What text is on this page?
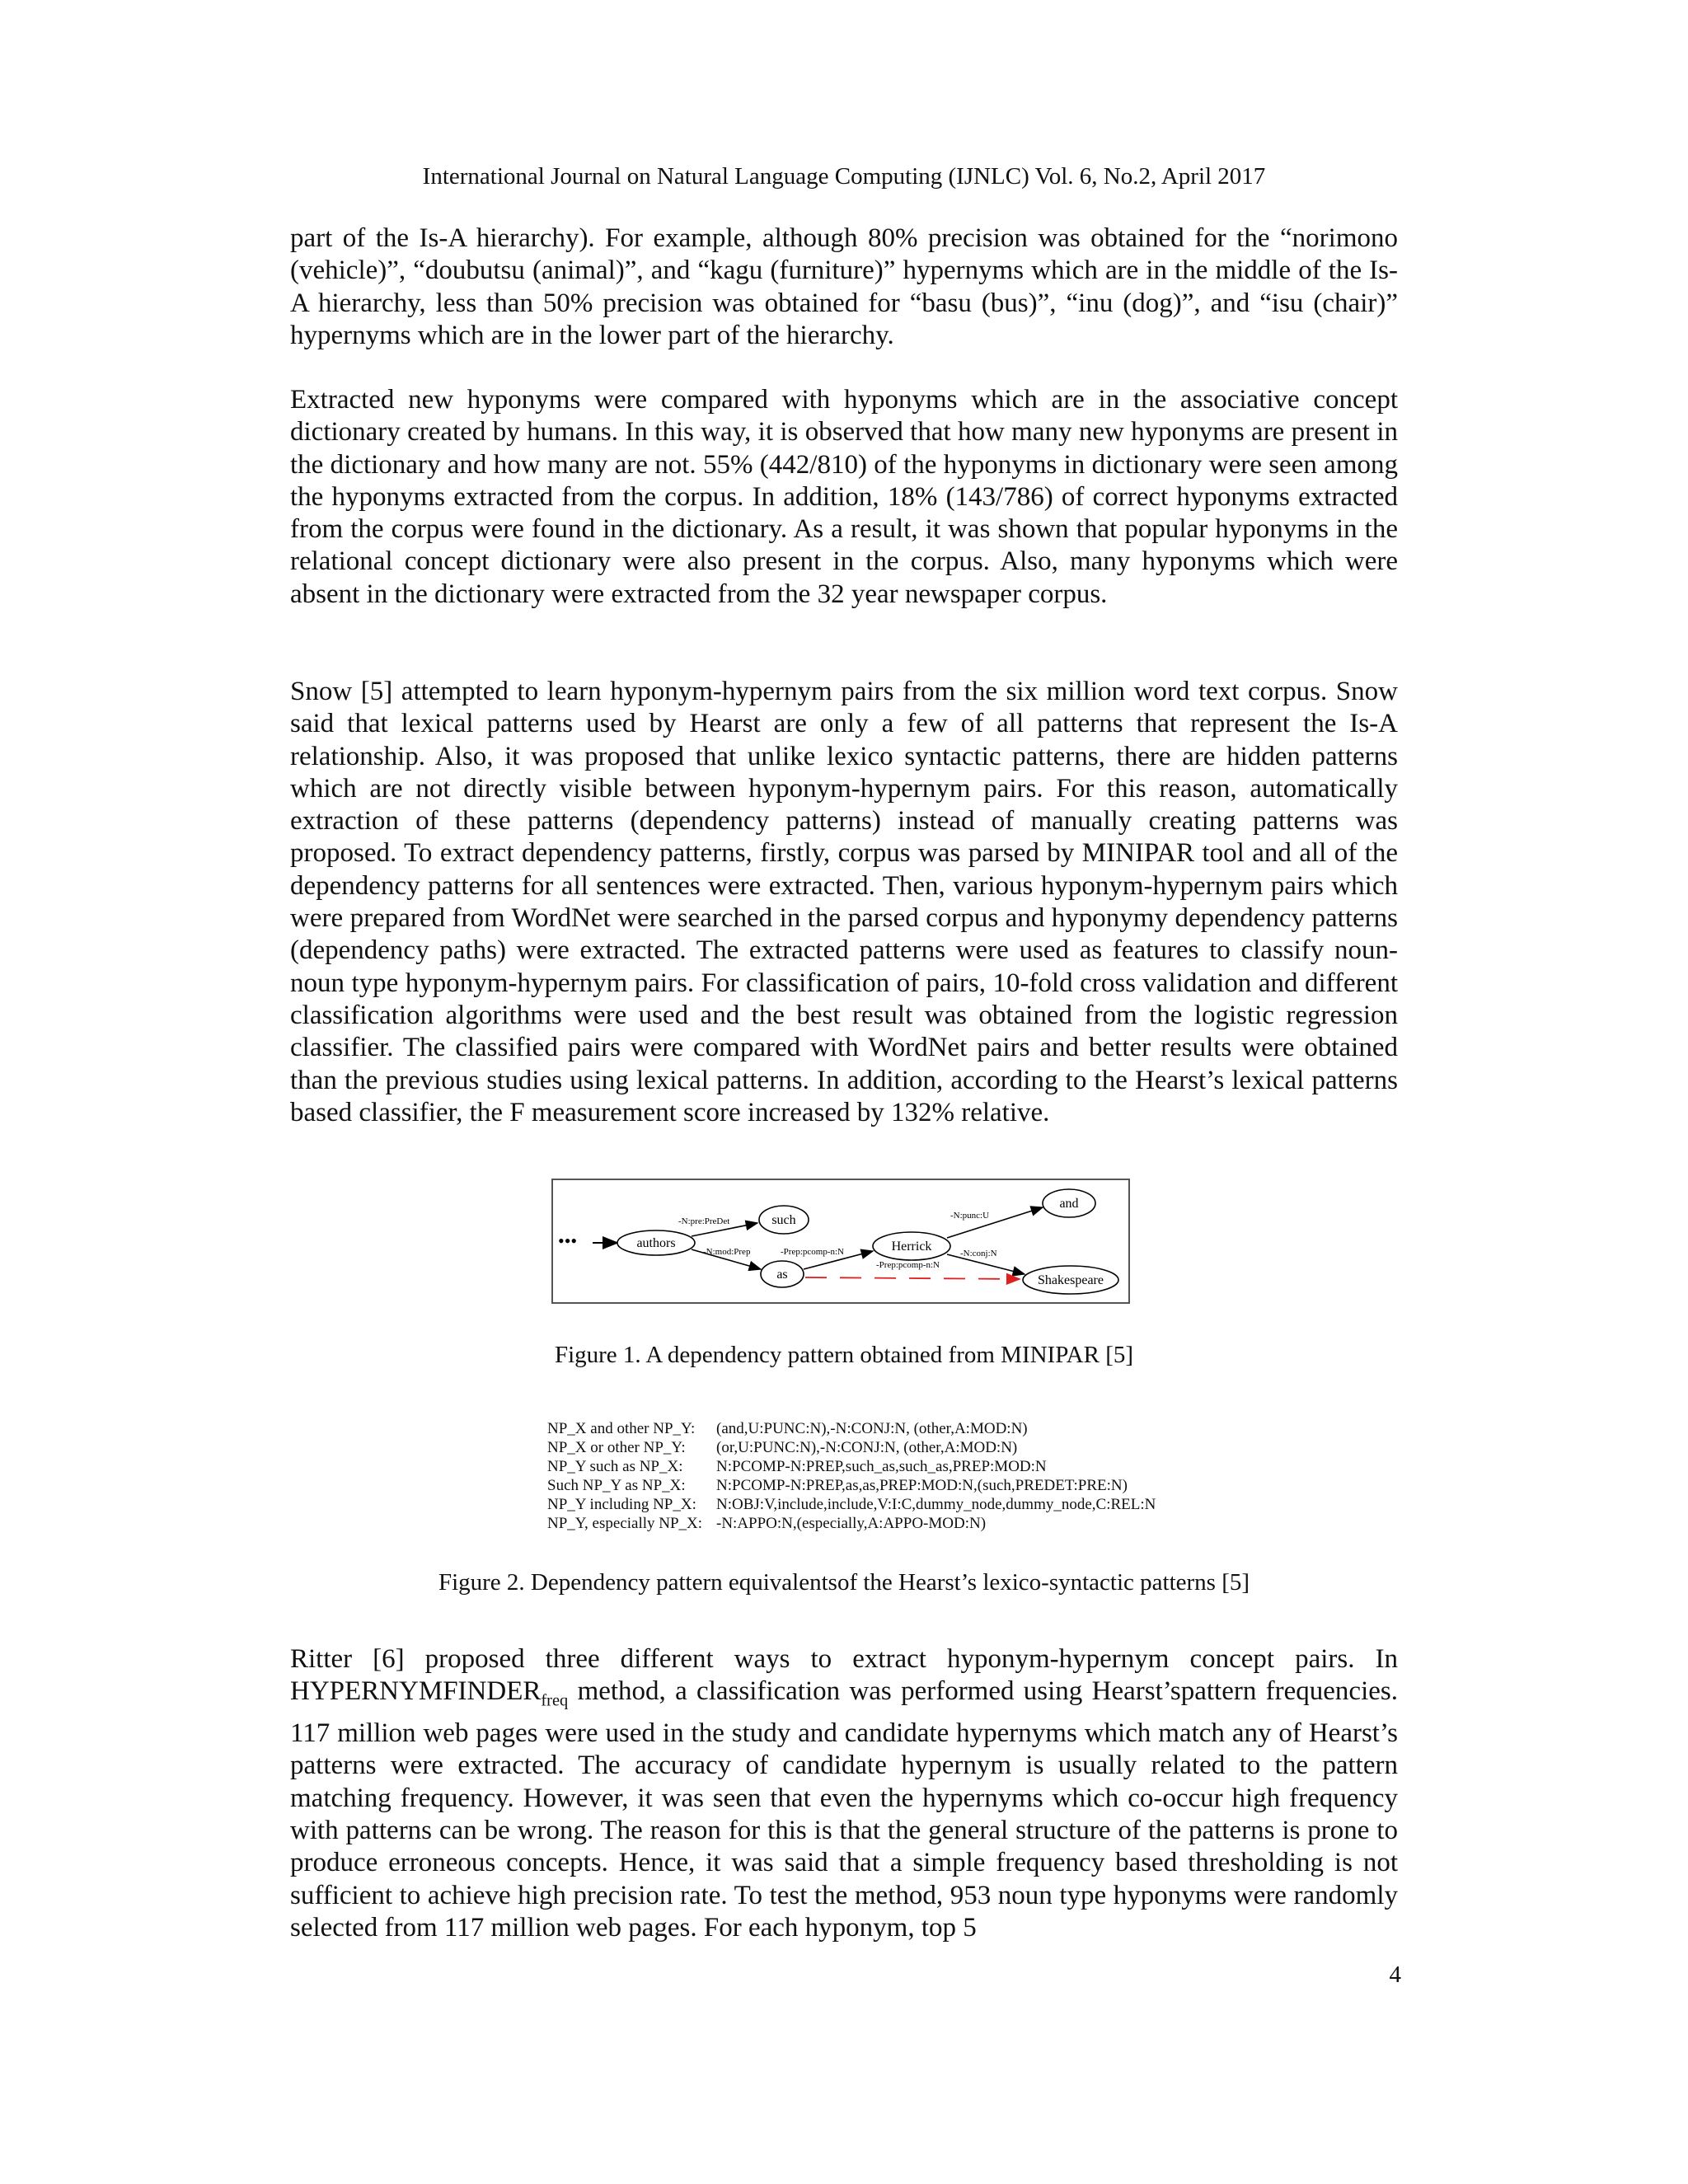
International Journal on Natural Language Computing (IJNLC) Vol. 6, No.2, April 2017

part of the Is-A hierarchy). For example, although 80% precision was obtained for the “norimono (vehicle)”, “doubutsu (animal)”, and “kagu (furniture)” hypernyms which are in the middle of the Is-A hierarchy, less than 50% precision was obtained for “basu (bus)”, “inu (dog)”, and “isu (chair)” hypernyms which are in the lower part of the hierarchy.

Extracted new hyponyms were compared with hyponyms which are in the associative concept dictionary created by humans. In this way, it is observed that how many new hyponyms are present in the dictionary and how many are not. 55% (442/810) of the hyponyms in dictionary were seen among the hyponyms extracted from the corpus. In addition, 18% (143/786) of correct hyponyms extracted from the corpus were found in the dictionary. As a result, it was shown that popular hyponyms in the relational concept dictionary were also present in the corpus. Also, many hyponyms which were absent in the dictionary were extracted from the 32 year newspaper corpus.

Snow [5] attempted to learn hyponym-hypernym pairs from the six million word text corpus. Snow said that lexical patterns used by Hearst are only a few of all patterns that represent the Is-A relationship. Also, it was proposed that unlike lexico syntactic patterns, there are hidden patterns which are not directly visible between hyponym-hypernym pairs. For this reason, automatically extraction of these patterns (dependency patterns) instead of manually creating patterns was proposed. To extract dependency patterns, firstly, corpus was parsed by MINIPAR tool and all of the dependency patterns for all sentences were extracted. Then, various hyponym-hypernym pairs which were prepared from WordNet were searched in the parsed corpus and hyponymy dependency patterns (dependency paths) were extracted. The extracted patterns were used as features to classify noun-noun type hyponym-hypernym pairs. For classification of pairs, 10-fold cross validation and different classification algorithms were used and the best result was obtained from the logistic regression classifier. The classified pairs were compared with WordNet pairs and better results were obtained than the previous studies using lexical patterns. In addition, according to the Hearst’s lexical patterns based classifier, the F measurement score increased by 132% relative.

•••	authors
such
as
Herrick
and
Shakespeare
-N:pre:PreDet
-N:mod:Prep	-Prep:pcomp-n:N
-Prep:pcomp-n:N
-N:punc:U
-N:conj:N
Figure 1. A dependency pattern obtained from MINIPAR [5]
NP_X and other NP_Y:	(and,U:PUNC:N),-N:CONJ:N, (other,A:MOD:N)
NP_X or other NP_Y:	(or,U:PUNC:N),-N:CONJ:N, (other,A:MOD:N)
NP_Y such as NP_X:	N:PCOMP-N:PREP,such_as,such_as,PREP:MOD:N
Such NP_Y as NP_X:	N:PCOMP-N:PREP,as,as,PREP:MOD:N,(such,PREDET:PRE:N)
NP_Y including NP_X:	N:OBJ:V,include,include,V:I:C,dummy_node,dummy_node,C:REL:N
NP_Y, especially NP_X: -N:APPO:N,(especially,A:APPO-MOD:N)
Figure 2. Dependency pattern equivalentsof the Hearst’s lexico-syntactic patterns [5]

Ritter [6] proposed three different ways to extract hyponym-hypernym concept pairs. In $HYPERNYMFINDER_{freq}$ method, a classification was performed using Hearst’spattern frequencies. 117 million web pages were used in the study and candidate hypernyms which match any of Hearst’s patterns were extracted. The accuracy of candidate hypernym is usually related to the pattern matching frequency. However, it was seen that even the hypernyms which co-occur high frequency with patterns can be wrong. The reason for this is that the general structure of the patterns is prone to produce erroneous concepts. Hence, it was said that a simple frequency based thresholding is not sufficient to achieve high precision rate. To test the method, 953 noun type hyponyms were randomly selected from 117 million web pages. For each hyponym, top 5

4
